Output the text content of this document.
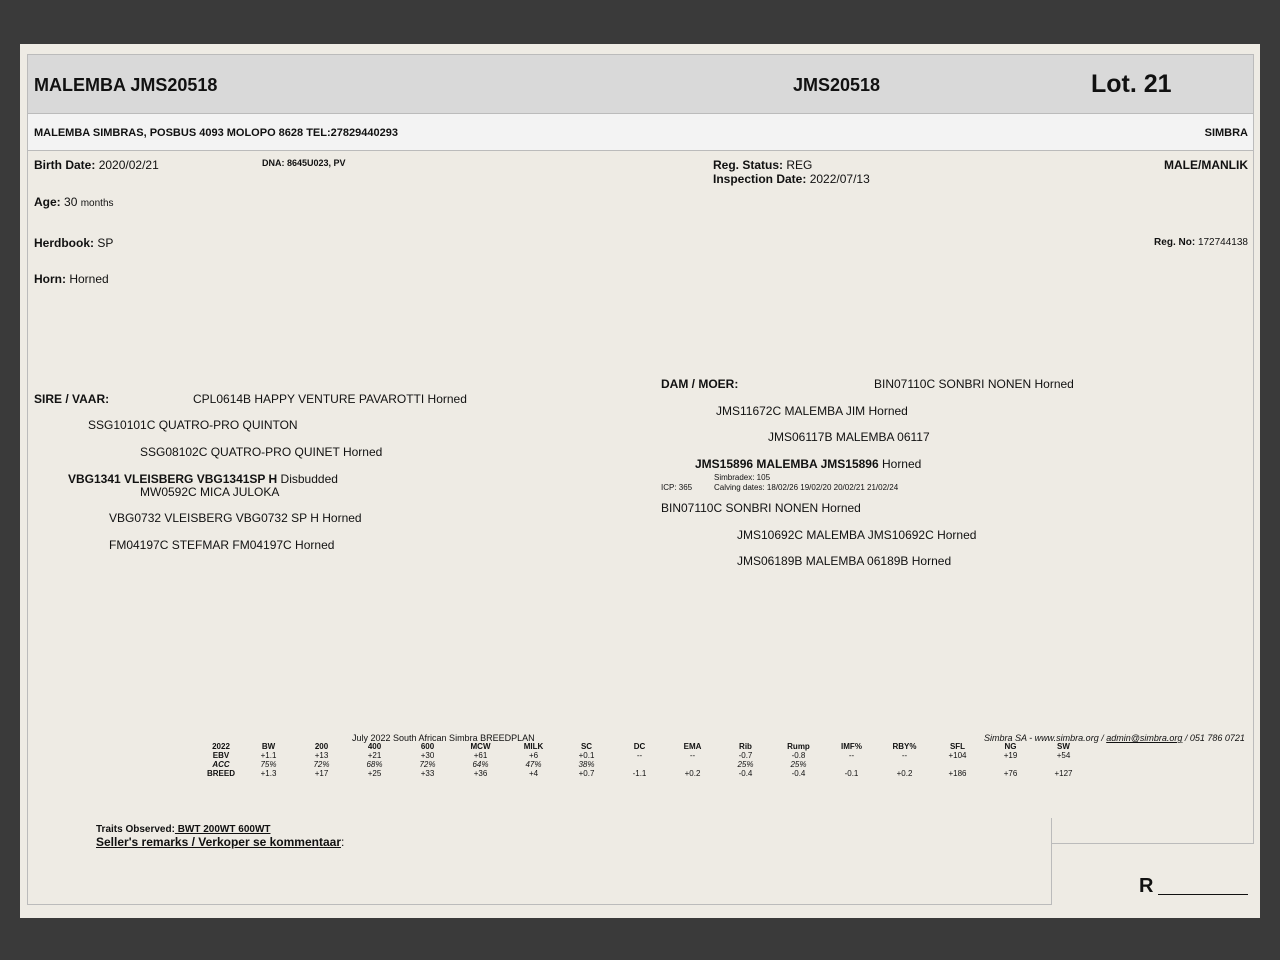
MALEMBA JMS20518	JMS20518	Lot. 21
MALEMBA SIMBRAS, POSBUS 4093 MOLOPO 8628 TEL:27829440293	SIMBRA
Birth Date: 2020/02/21	DNA: 8645U023, PV	Reg. Status: REG
Inspection Date: 2022/07/13
MALE/MANLIK
Age: 30 months
Herdbook: SP	Reg. No: 172744138
Horn: Horned
SIRE / VAAR:	CPL0614B HAPPY VENTURE PAVAROTTI Horned
SSG10101C QUATRO-PRO QUINTON
SSG08102C QUATRO-PRO QUINET Horned
VBG1341 VLEISBERG VBG1341SP H Disbudded
MW0592C MICA JULOKA
VBG0732 VLEISBERG VBG0732 SP H Horned
FM04197C STEFMAR FM04197C Horned
DAM / MOER:	BIN07110C SONBRI NONEN Horned
JMS11672C MALEMBA JIM Horned
JMS06117B MALEMBA 06117
JMS15896 MALEMBA JMS15896 Horned
Simbradex: 105
ICP: 365	Calving dates: 18/02/26 19/02/20 20/02/21 21/02/24
BIN07110C SONBRI NONEN Horned
JMS10692C MALEMBA JMS10692C Horned
JMS06189B MALEMBA 06189B Horned
July 2022 South African Simbra BREEDPLAN	Simbra SA - www.simbra.org / admin@simbra.org / 051 786 0721
2022	BW	200	400	600	MCW	MILK	SC	DC	EMA	Rib	Rump	IMF%	RBY%	SFL	NG	SW
EBV	+1.1	+13	+21	+30	+61	+6	+0.1	--	--	-0.7	-0.8	--	--	+104	+19	+54
ACC	75%	72%	68%	72%	64%	47%	38%			25%	25%					
BREED	+1.3	+17	+25	+33	+36	+4	+0.7	-1.1	+0.2	-0.4	-0.4	-0.1	+0.2	+186	+76	+127
Traits Observed: BWT 200WT 600WT
Seller's remarks / Verkoper se kommentaar:
R
